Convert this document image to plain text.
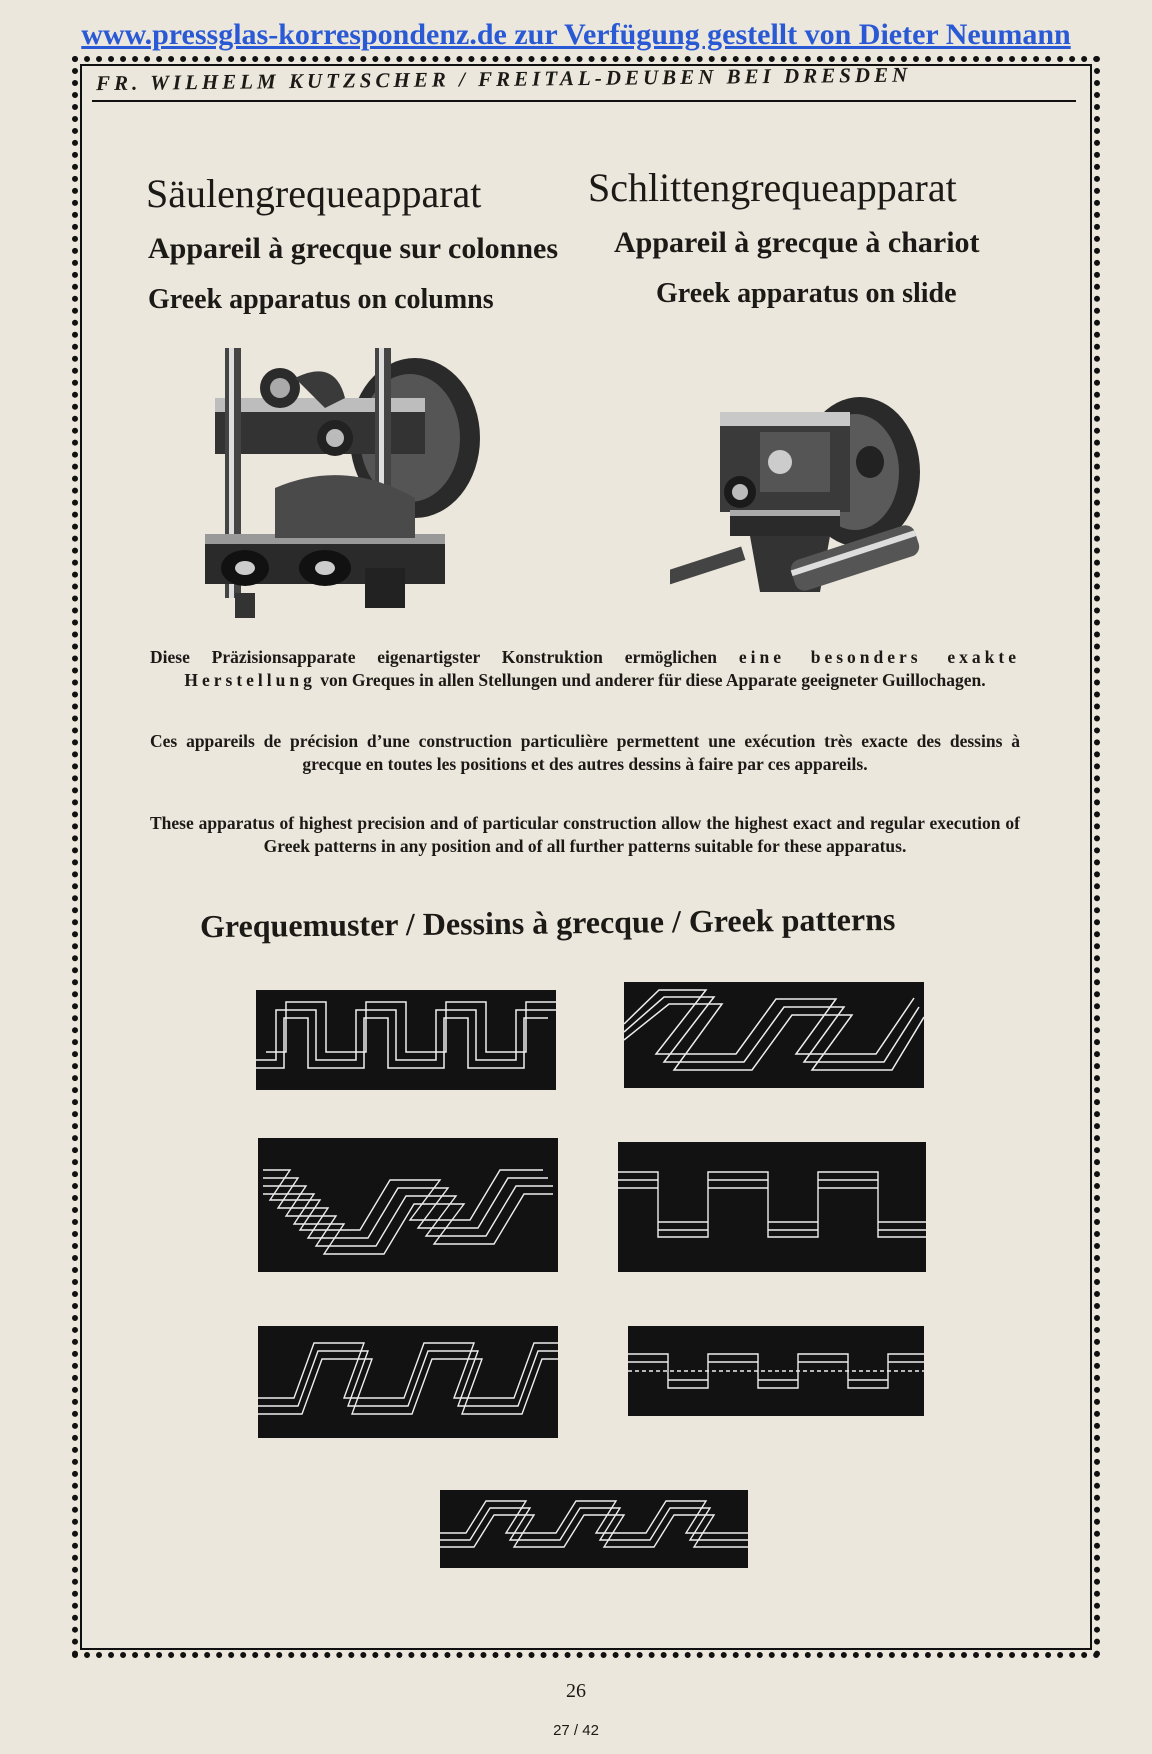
www.pressglas-korrespondenz.de zur Verfügung gestellt von Dieter Neumann
FR. WILHELM KUTZSCHER / FREITAL-DEUBEN BEI DRESDEN
Säulengrequeapparat
Appareil à grecque sur colonnes
Greek apparatus on columns
Schlittengrequeapparat
Appareil à grecque à chariot
Greek apparatus on slide
Diese Präzisionsapparate eigenartigster Konstruktion ermöglichen eine besonders exakte Herstellung von Greques in allen Stellungen und anderer für diese Apparate geeigneter Guillochagen.
Ces appareils de précision d’une construction particulière permettent une exécution très exacte des dessins à grecque en toutes les positions et des autres dessins à faire par ces appareils.
These apparatus of highest precision and of particular construction allow the highest exact and regular execution of Greek patterns in any position and of all further patterns suitable for these apparatus.
Grequemuster / Dessins à grecque / Greek patterns
26
27 / 42
